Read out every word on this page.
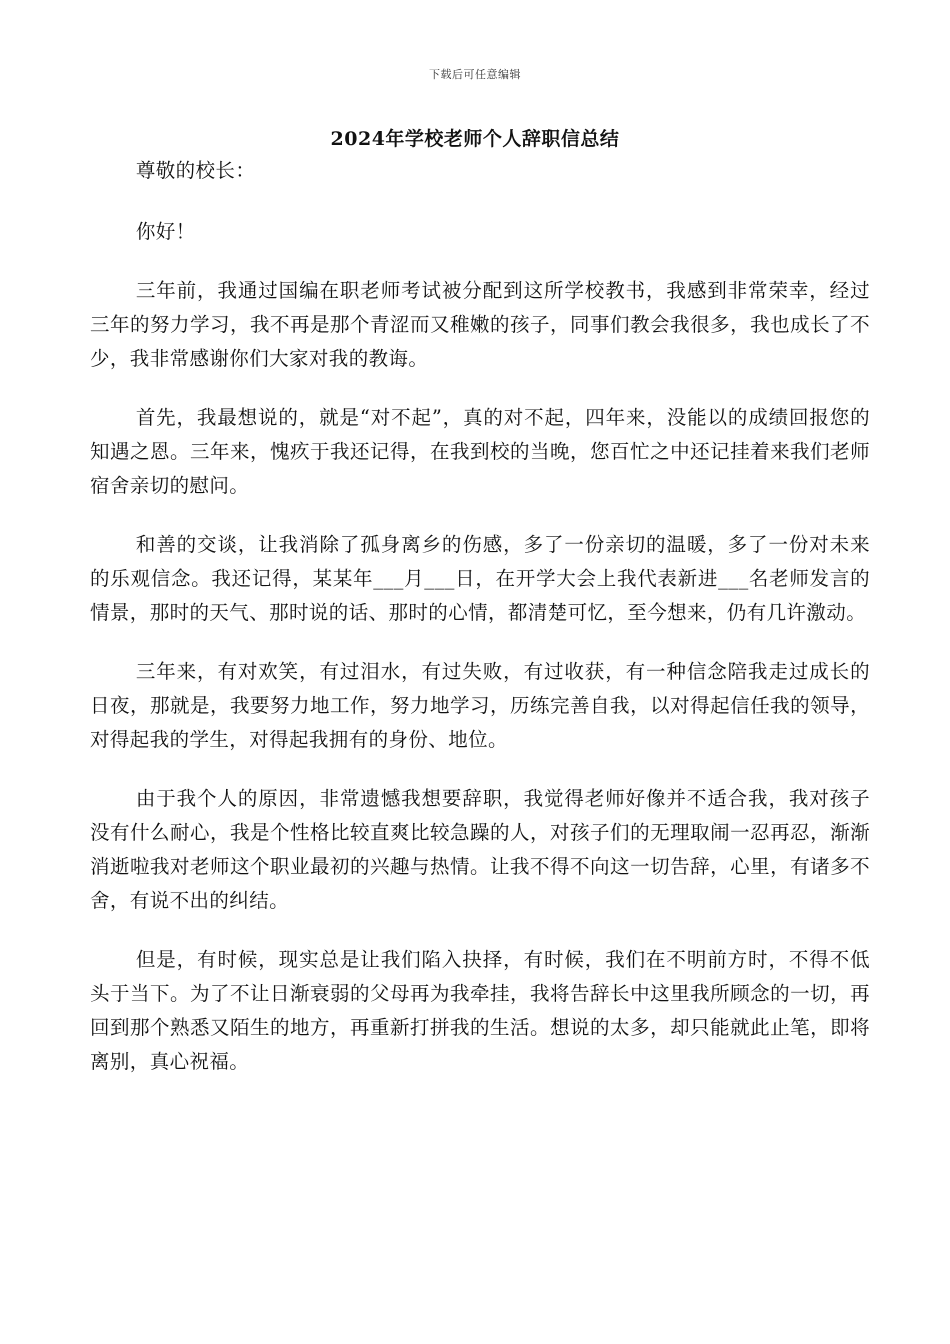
下载后可任意编辑
2024年学校老师个人辞职信总结

尊敬的校长：

你好！

三年前，我通过国编在职老师考试被分配到这所学校教书，我感到非常荣幸，经过三年的努力学习，我不再是那个青涩而又稚嫩的孩子，同事们教会我很多，我也成长了不少，我非常感谢你们大家对我的教诲。

首先，我最想说的，就是“对不起”，真的对不起，四年来，没能以的成绩回报您的知遇之恩。三年来，愧疚于我还记得，在我到校的当晚，您百忙之中还记挂着来我们老师宿舍亲切的慰问。

和善的交谈，让我消除了孤身离乡的伤感，多了一份亲切的温暖，多了一份对未来的乐观信念。我还记得，某某年___月___日，在开学大会上我代表新进___名老师发言的情景，那时的天气、那时说的话、那时的心情，都清楚可忆，至今想来，仍有几许激动。

三年来，有对欢笑，有过泪水，有过失败，有过收获，有一种信念陪我走过成长的日夜，那就是，我要努力地工作，努力地学习，历练完善自我，以对得起信任我的领导，对得起我的学生，对得起我拥有的身份、地位。

由于我个人的原因，非常遗憾我想要辞职，我觉得老师好像并不适合我，我对孩子没有什么耐心，我是个性格比较直爽比较急躁的人，对孩子们的无理取闹一忍再忍，渐渐消逝啦我对老师这个职业最初的兴趣与热情。让我不得不向这一切告辞，心里，有诸多不舍，有说不出的纠结。

但是，有时候，现实总是让我们陷入抉择，有时候，我们在不明前方时，不得不低头于当下。为了不让日渐衰弱的父母再为我牵挂，我将告辞长中这里我所顾念的一切，再回到那个熟悉又陌生的地方，再重新打拼我的生活。想说的太多，却只能就此止笔，即将离别，真心祝福。
